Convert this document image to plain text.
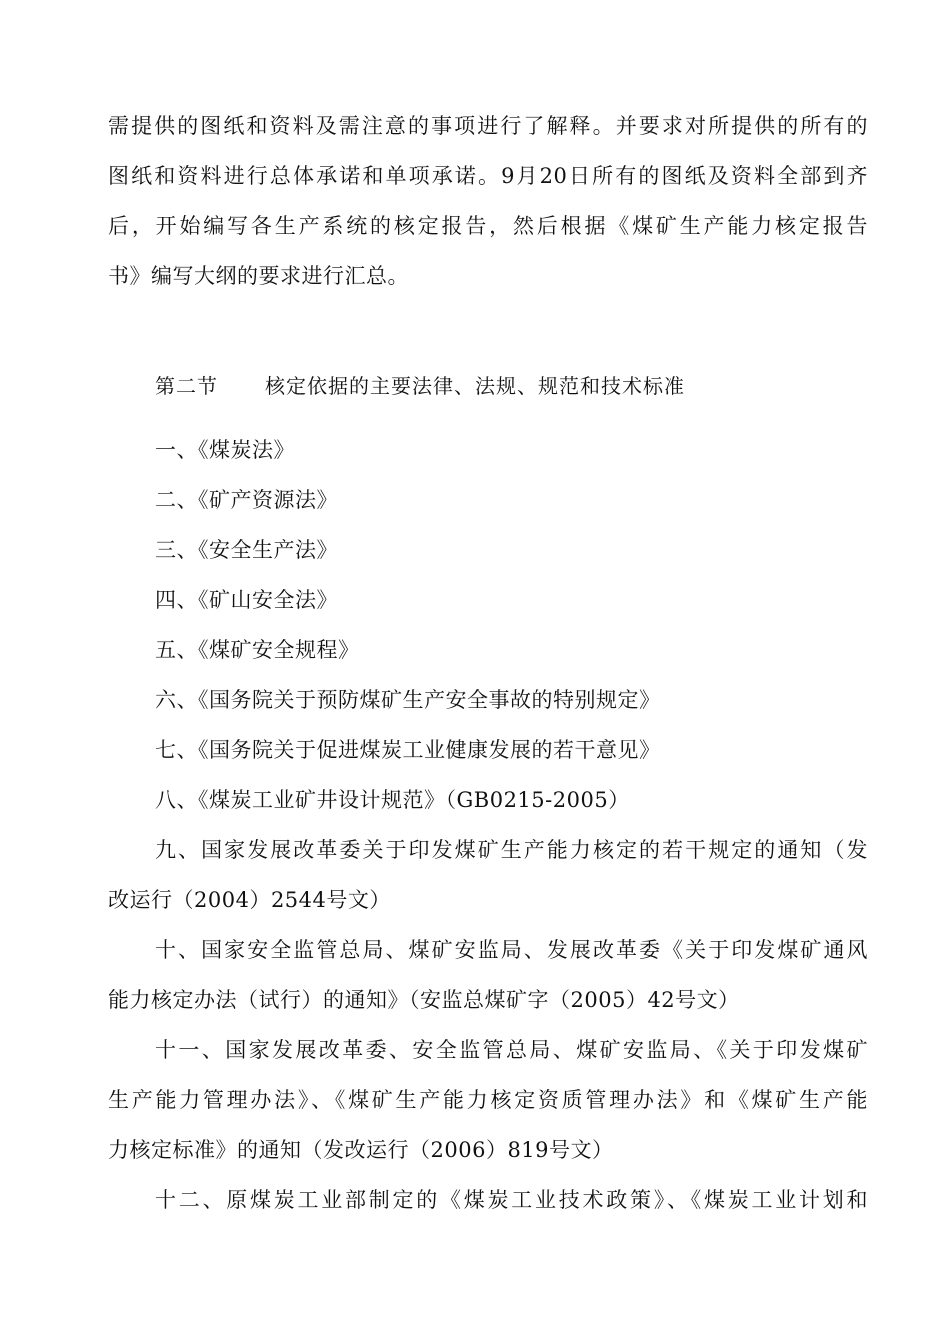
需提供的图纸和资料及需注意的事项进行了解释。并要求对所提供的所有的
图纸和资料进行总体承诺和单项承诺。9月20日所有的图纸及资料全部到齐
后，开始编写各生产系统的核定报告，然后根据《煤矿生产能力核定报告
书》编写大纲的要求进行汇总。
第二节 核定依据的主要法律、法规、规范和技术标准
一、《煤炭法》
二、《矿产资源法》
三、《安全生产法》
四、《矿山安全法》
五、《煤矿安全规程》
六、《国务院关于预防煤矿生产安全事故的特别规定》
七、《国务院关于促进煤炭工业健康发展的若干意见》
八、《煤炭工业矿井设计规范》（GB0215-2005）
九、国家发展改革委关于印发煤矿生产能力核定的若干规定的通知（发
改运行（2004）2544号文）
十、国家安全监管总局、煤矿安监局、发展改革委《关于印发煤矿通风
能力核定办法（试行）的通知》（安监总煤矿字（2005）42号文）
十一、国家发展改革委、安全监管总局、煤矿安监局、《关于印发煤矿
生产能力管理办法》、《煤矿生产能力核定资质管理办法》和《煤矿生产能
力核定标准》的通知（发改运行（2006）819号文）
十二、原煤炭工业部制定的《煤炭工业技术政策》、《煤炭工业计划和
